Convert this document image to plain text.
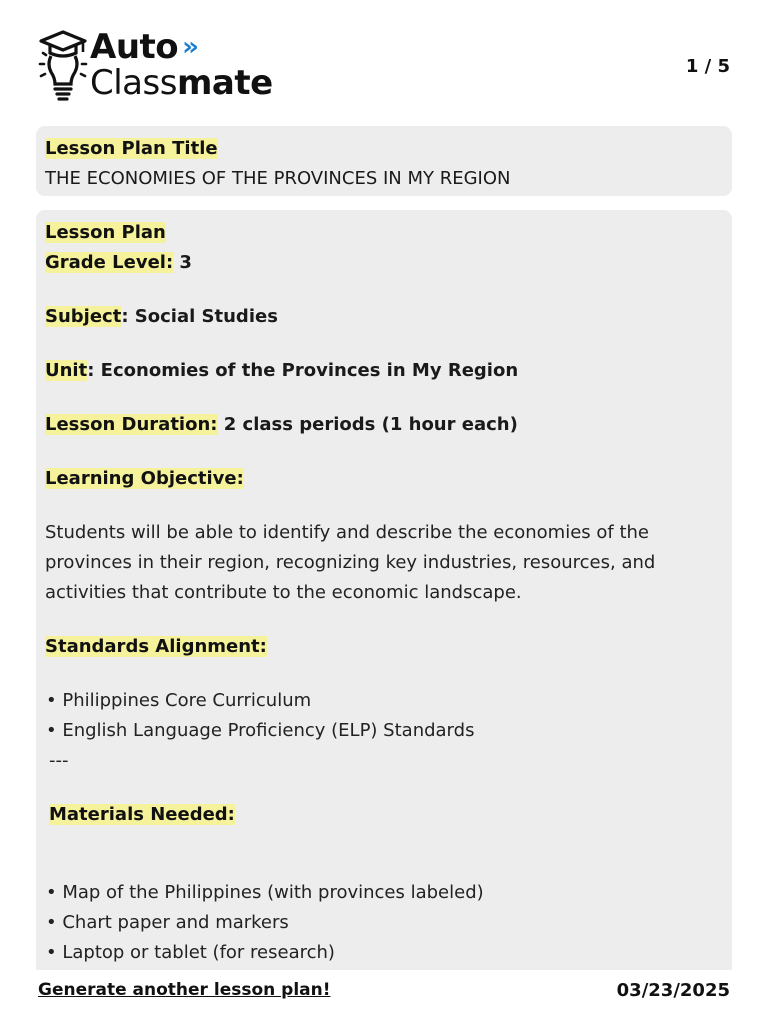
Auto »
Classmate	1 / 5
Lesson Plan Title
THE ECONOMIES OF THE PROVINCES IN MY REGION
Lesson Plan
Grade Level: 3
Subject: Social Studies
Unit: Economies of the Provinces in My Region
Lesson Duration: 2 class periods (1 hour each)
Learning Objective:
Students will be able to identify and describe the economies of the
provinces in their region, recognizing key industries, resources, and
activities that contribute to the economic landscape.
Standards Alignment:
• Philippines Core Curriculum
• English Language Proficiency (ELP) Standards
---
Materials Needed:
• Map of the Philippines (with provinces labeled)
• Chart paper and markers
• Laptop or tablet (for research)
Generate another lesson plan!	03/23/2025
